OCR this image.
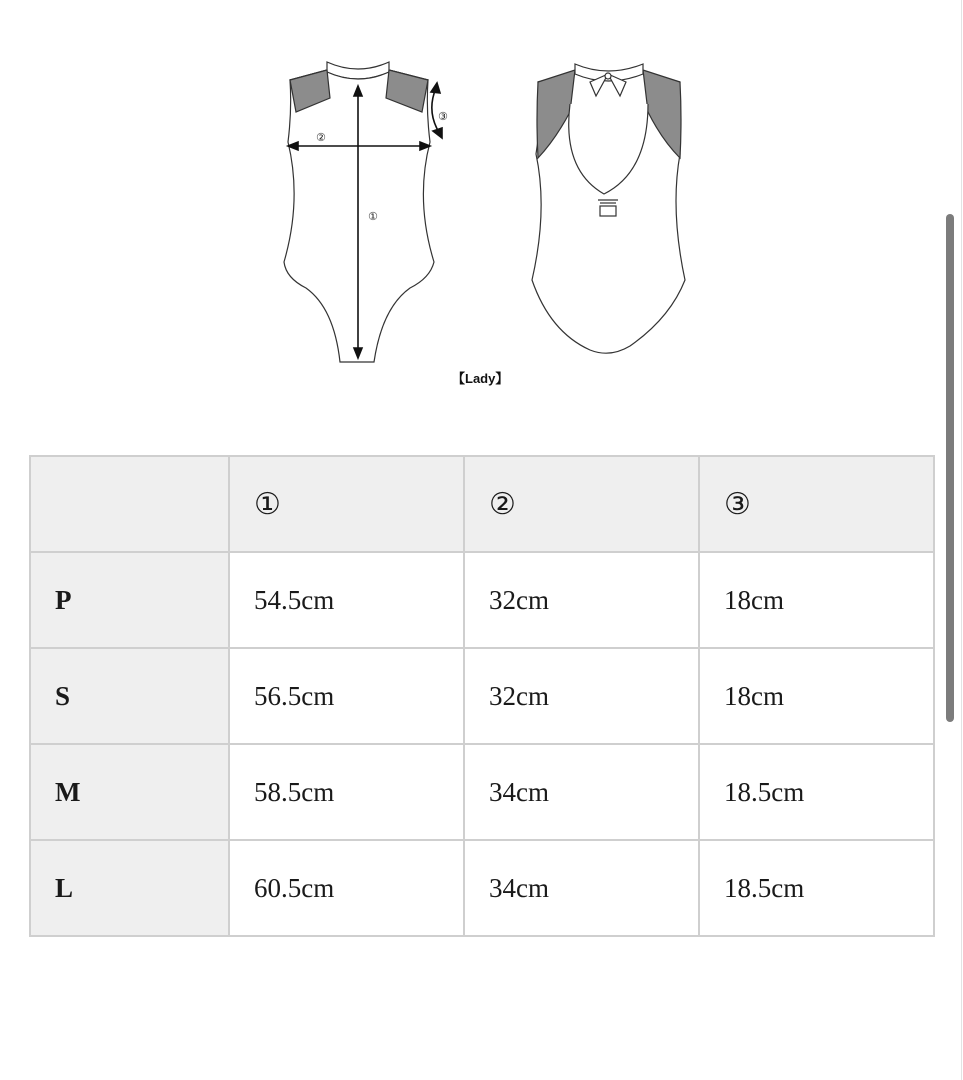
①
②
③
【Lady】
	①	②	③
P	54.5cm	32cm	18cm
S	56.5cm	32cm	18cm
M	58.5cm	34cm	18.5cm
L	60.5cm	34cm	18.5cm
